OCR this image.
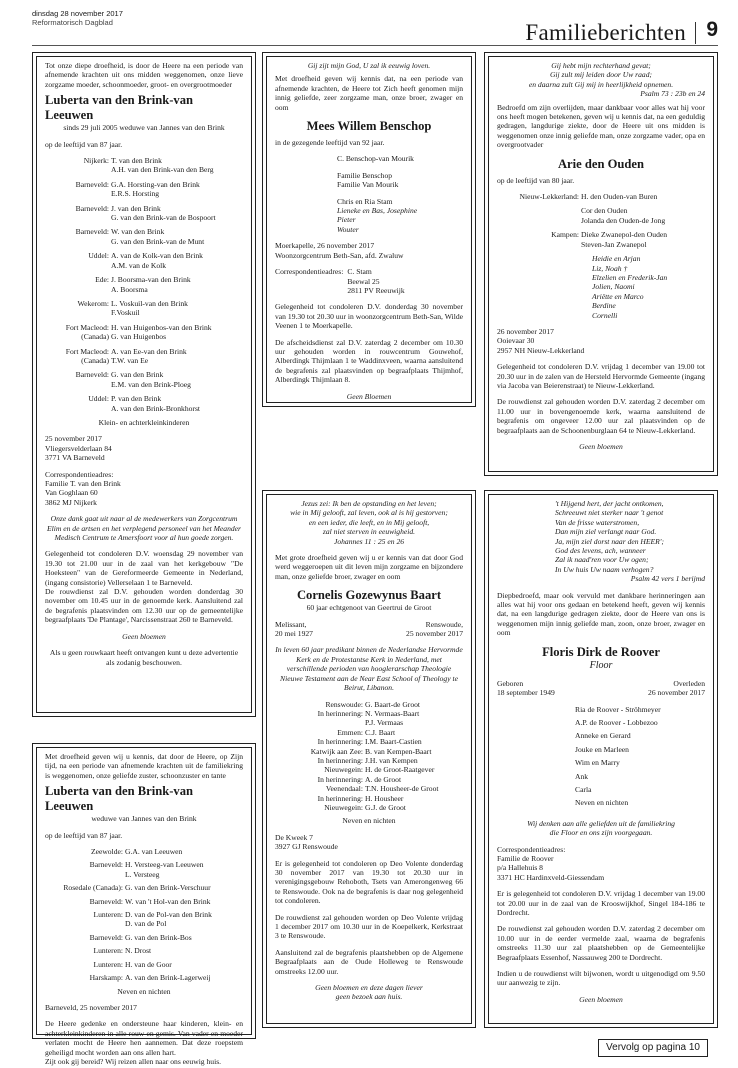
dinsdag 28 november 2017
Reformatorisch Dagblad	Familieberichten 9
Tot onze diepe droefheid, is door de Heere na een periode van afnemende krachten uit ons midden weggenomen, onze lieve zorgzame moeder, schoonmoeder, groot- en overgrootmoeder
Luberta van den Brink-van Leeuwen
sinds 29 juli 2005 weduwe van Jannes van den Brink
op de leeftijd van 87 jaar.
Nijkerk: T. van den Brink
A.H. van den Brink-van den Berg
Barneveld: G.A. Horsting-van den Brink
E.R.S. Horsting
Barneveld: J. van den Brink
G. van den Brink-van de Bospoort
Barneveld: W. van den Brink
G. van den Brink-van de Munt
Uddel: A. van de Kolk-van den Brink
A.M. van de Kolk
Ede: J. Boorsma-van den Brink
A. Boorsma
Wekerom: L. Voskuil-van den Brink
F.Voskuil
Fort Macleod: (Canada)
H. van Huigenbos-van den Brink
G. van Huigenbos
Fort Macleod: (Canada)
A. van Ee-van den Brink
T.W. van Ee
Barneveld: G. van den Brink
E.M. van den Brink-Ploeg
Uddel: P. van den Brink
A. van den Brink-Bronkhorst
Klein- en achterkleinkinderen
25 november 2017
Vliegersvelderlaan 84
3771 VA Barneveld
Correspondentieadres:
Familie T. van den Brink
Van Goghlaan 60
3862 MJ Nijkerk
Onze dank gaat uit naar al de medewerkers van Zorgcentrum Elim en de artsen en het verplegend personeel van het Meander Medisch Centrum te Amersfoort voor al hun goede zorgen.
Gelegenheid tot condoleren D.V. woensdag 29 november van 19.30 tot 21.00 uur in de zaal van het kerkgebouw "De Hoeksteen" van de Gereformeerde Gemeente in Nederland, (ingang consistorie) Vellerselaan 1 te Barneveld.
De rouwdienst zal D.V. gehouden worden donderdag 30 november om 10.45 uur in de genoemde kerk. Aansluitend zal de begrafenis plaatsvinden om 12.30 uur op de gemeentelijke begraafplaats 'De Plantage', Narcissenstraat 260 te Barneveld.
Geen bloemen
Als u geen rouwkaart heeft ontvangen kunt u deze advertentie als zodanig beschouwen.
Met droefheid geven wij u kennis, dat door de Heere, op Zijn tijd, na een periode van afnemende krachten uit de familiekring is weggenomen, onze geliefde zuster, schoonzuster en tante
Luberta van den Brink-van Leeuwen
weduwe van Jannes van den Brink
op de leeftijd van 87 jaar.
Zeewolde: G.A. van Leeuwen
Barneveld: H. Versteeg-van Leeuwen
L. Versteeg
Rosedale (Canada): G. van den Brink-Verschuur
Barneveld: W. van 't Hol-van den Brink
Lunteren: D. van de Pol-van den Brink
D. van de Pol
Barneveld: G. van den Brink-Bos
Lunteren: N. Drost
Lunteren: H. van de Goor
Harskamp: A. van den Brink-Lagerweij
Neven en nichten
Barneveld, 25 november 2017
De Heere gedenke en ondersteune haar kinderen, klein- en achterkleinkinderen in alle rouw en gemis. Van vader en moeder verlaten mocht de Heere hen aannemen. Dat deze roepstem geheiligd mocht worden aan ons allen hart.
Zijt ook gij bereid? Wij reizen allen naar ons eeuwig huis.
Gij zijt mijn God, U zal ik eeuwig loven.
Met droefheid geven wij kennis dat, na een periode van afnemende krachten, de Heere tot Zich heeft genomen mijn innig geliefde, zeer zorgzame man, onze broer, zwager en oom
Mees Willem Benschop
in de gezegende leeftijd van 92 jaar.
C. Benschop-van Mourik
Familie Benschop
Familie Van Mourik
Chris en Ria Stam
Lieneke en Bas, Josephine
Pieter
Wouter
Moerkapelle, 26 november 2017
Woonzorgcentrum Beth-San, afd. Zwaluw
Correspondentieadres: C. Stam
Beewal 25
2811 PV Reeuwijk
Gelegenheid tot condoleren D.V. donderdag 30 november van 19.30 tot 20.30 uur in woonzorgcentrum Beth-San, Wilde Veenen 1 te Moerkapelle.
De afscheidsdienst zal D.V. zaterdag 2 december om 10.30 uur gehouden worden in rouwcentrum Gouwehof, Alberdingk Thijmlaan 1 te Waddinxveen, waarna aansluitend de begrafenis zal plaatsvinden op begraafplaats Thijmhof, Alberdingk Thijmlaan 8.
Geen Bloemen
Jezus zei: Ik ben de opstanding en het leven;
wie in Mij gelooft, zal leven, ook al is hij gestorven;
en een ieder, die leeft, en in Mij gelooft,
zal niet sterven in eeuwigheid.
Johannes 11 : 25 en 26
Met grote droefheid geven wij u er kennis van dat door God werd weggeroepen uit dit leven mijn zorgzame en bijzondere man, onze geliefde broer, zwager en oom
Cornelis Gozewynus Baart
60 jaar echtgenoot van Geertrui de Groot
Melissant,
20 mei 1927
Renswoude,
25 november 2017
In leven 60 jaar predikant binnen de Nederlandse Hervormde Kerk en de Protestantse Kerk in Nederland, met verschillende perioden van hooglerarschap Theologie Nieuwe Testament aan de Near East School of Theology te Beirut, Libanon.
Renswoude: G. Baart-de Groot
In herinnering: N. Vermaas-Baart
P.J. Vermaas
Emmen: C.J. Baart
In herinnering: I.M. Baart-Castien
Katwijk aan Zee: B. van Kempen-Baart
In herinnering: J.H. van Kempen
Nieuwegein: H. de Groot-Raatgever
In herinnering: A. de Groot
Veenendaal: T.N. Housheer-de Groot
In herinnering: H. Housheer
Nieuwegein: G.J. de Groot
Neven en nichten
De Kweek 7
3927 GJ Renswoude
Er is gelegenheid tot condoleren op Deo Volente donderdag 30 november 2017 van 19.30 tot 20.30 uur in verenigingsgebouw Rehoboth, Tsets van Amerongenweg 66 te Renswoude. Ook na de begrafenis is daar nog gelegenheid tot condoleren.
De rouwdienst zal gehouden worden op Deo Volente vrijdag 1 december 2017 om 10.30 uur in de Koepelkerk, Kerkstraat 3 te Renswoude.
Aansluitend zal de begrafenis plaatshebben op de Algemene Begraafplaats aan de Oude Holleweg te Renswoude omstreeks 12.00 uur.
Geen bloemen en deze dagen liever
geen bezoek aan huis.
Gij hebt mijn rechterhand gevat;
Gij zult mij leiden door Uw raad;
en daarna zult Gij mij in heerlijkheid opnemen.
Psalm 73 : 23b en 24
Bedroefd om zijn overlijden, maar dankbaar voor alles wat hij voor ons heeft mogen betekenen, geven wij u kennis dat, na een geduldig gedragen, langdurige ziekte, door de Heere uit ons midden is weggenomen onze innig geliefde man, onze zorgzame vader, opa en overgrootvader
Arie den Ouden
op de leeftijd van 80 jaar.
Nieuw-Lekkerland: H. den Ouden-van Buren
Cor den Ouden
Jolanda den Ouden-de Jong
Kampen: Dieke Zwanepol-den Ouden
Steven-Jan Zwanepol
Heidie en Arjan
Liz, Noah †
Elzelien en Frederik-Jan
Jolien, Naomi
Ariëtte en Marco
Berdine
Cornelli
26 november 2017
Ooievaar 30
2957 NH Nieuw-Lekkerland
Gelegenheid tot condoleren D.V. vrijdag 1 december van 19.00 tot 20.30 uur in de zalen van de Hersteld Hervormde Gemeente (ingang via Jacoba van Beierenstraat) te Nieuw-Lekkerland.
De rouwdienst zal gehouden worden D.V. zaterdag 2 december om 11.00 uur in bovengenoemde kerk, waarna aansluitend de begrafenis om ongeveer 12.00 uur zal plaatsvinden op de begraafplaats aan de Schoonenburglaan 64 te Nieuw-Lekkerland.
Geen bloemen
't Hijgend hert, der jacht ontkomen,
Schreeuwt niet sterker naar 't genot
Van de frisse waterstromen,
Dan mijn ziel verlangt naar God.
Ja, mijn ziel dorst naar den HEER';
God des levens, ach, wanneer
Zal ik naad'ren voor Uw ogen;
In Uw huis Uw naam verhogen?
Psalm 42 vers 1 berijmd
Diepbedroefd, maar ook vervuld met dankbare herinneringen aan alles wat hij voor ons gedaan en betekend heeft, geven wij kennis dat, na een langdurige gedragen ziekte, door de Heere van ons is weggenomen mijn innig geliefde man, zoon, onze broer, zwager en oom
Floris Dirk de Roover
Floor
Geboren
18 september 1949
Overleden
26 november 2017
Ria de Roover - Ströhmeyer
A.P. de Roover - Lobbezoo
Anneke en Gerard
Jouke en Marleen
Wim en Marry
Ank
Carla
Neven en nichten
Wij denken aan alle geliefden uit de familiekring
die Floor en ons zijn voorgegaan.
Correspondentieadres:
Familie de Roover
p/a Hallehuis 8
3371 HC Hardinxveld-Giessendam
Er is gelegenheid tot condoleren D.V. vrijdag 1 december van 19.00 tot 20.00 uur in de zaal van de Krooswijkhof, Singel 184-186 te Dordrecht.
De rouwdienst zal gehouden worden D.V. zaterdag 2 december om 10.00 uur in de eerder vermelde zaal, waarna de begrafenis omstreeks 11.30 uur zal plaatshebben op de Gemeentelijke Begraafplaats Essenhof, Nassauweg 200 te Dordrecht.
Indien u de rouwdienst wilt bijwonen, wordt u uitgenodigd om 9.50 uur aanwezig te zijn.
Geen bloemen
Vervolg op pagina 10
